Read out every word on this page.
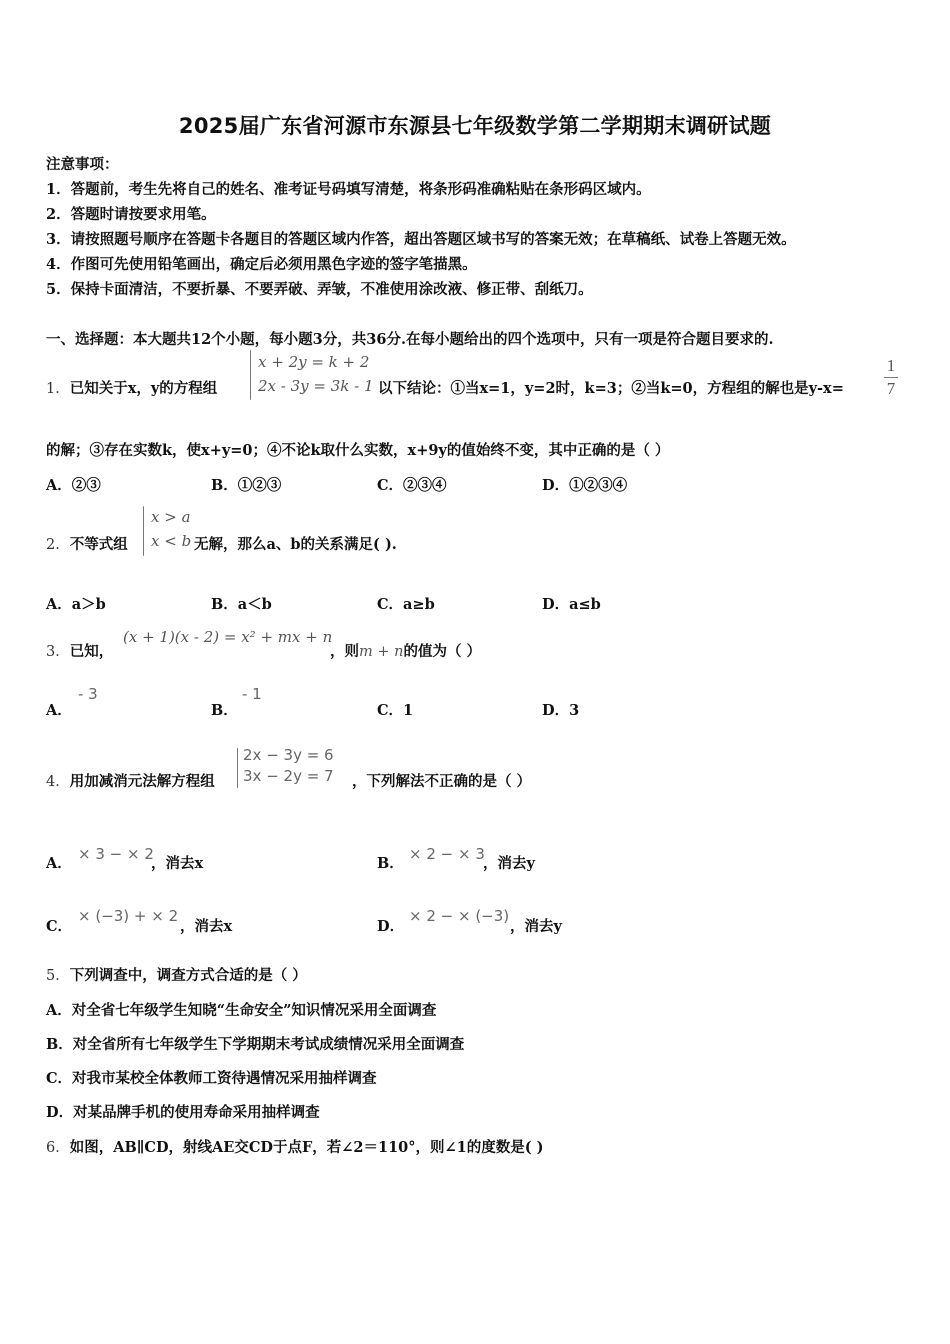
2025届广东省河源市东源县七年级数学第二学期期末调研试题
注意事项：
1．答题前，考生先将自己的姓名、准考证号码填写清楚，将条形码准确粘贴在条形码区域内。
2．答题时请按要求用笔。
3．请按照题号顺序在答题卡各题目的答题区域内作答，超出答题区域书写的答案无效；在草稿纸、试卷上答题无效。
4．作图可先使用铅笔画出，确定后必须用黑色字迹的签字笔描黑。
5．保持卡面清洁，不要折暴、不要弄破、弄皱，不准使用涂改液、修正带、刮纸刀。
一、选择题：本大题共12个小题，每小题3分，共36分.在每小题给出的四个选项中，只有一项是符合题目要求的.
1．已知关于x，y的方程组
x + 2y = k + 2
2x - 3y = 3k - 1 以下结论：①当x=1，y=2时，k=3；②当k=0，方程组的解也是y-x=
1
7
的解；③存在实数k，使x+y=0；④不论k取什么实数，x+9y的值始终不变，其中正确的是（ ）
A．②③	B．①②③	C．②③④	D．①②③④
2．不等式组
x > a
x < b 无解，那么a、b的关系满足( ).
A．a＞b	B．a＜b	C．a≥b	D．a≤b
3．已知，
(x + 1)(x - 2) = x² + mx + n
，则m + n的值为（ ）
A．
- 3
B．
- 1
C．1	D．3
4．用加减消元法解方程组
2x − 3y = 6
3x − 2y = 7 ，下列解法不正确的是（ ）
A．
× 3 − × 2
，消去x	B．
× 2 − × 3
，消去y
C．
× (−3) + × 2
，消去x	D．
× 2 − × (−3)
，消去y
5．下列调查中，调查方式合适的是（ ）
A．对全省七年级学生知晓“生命安全”知识情况采用全面调查
B．对全省所有七年级学生下学期期末考试成绩情况采用全面调查
C．对我市某校全体教师工资待遇情况采用抽样调查
D．对某品牌手机的使用寿命采用抽样调查
6．如图，AB∥CD，射线AE交CD于点F，若∠2＝110°，则∠1的度数是( )
